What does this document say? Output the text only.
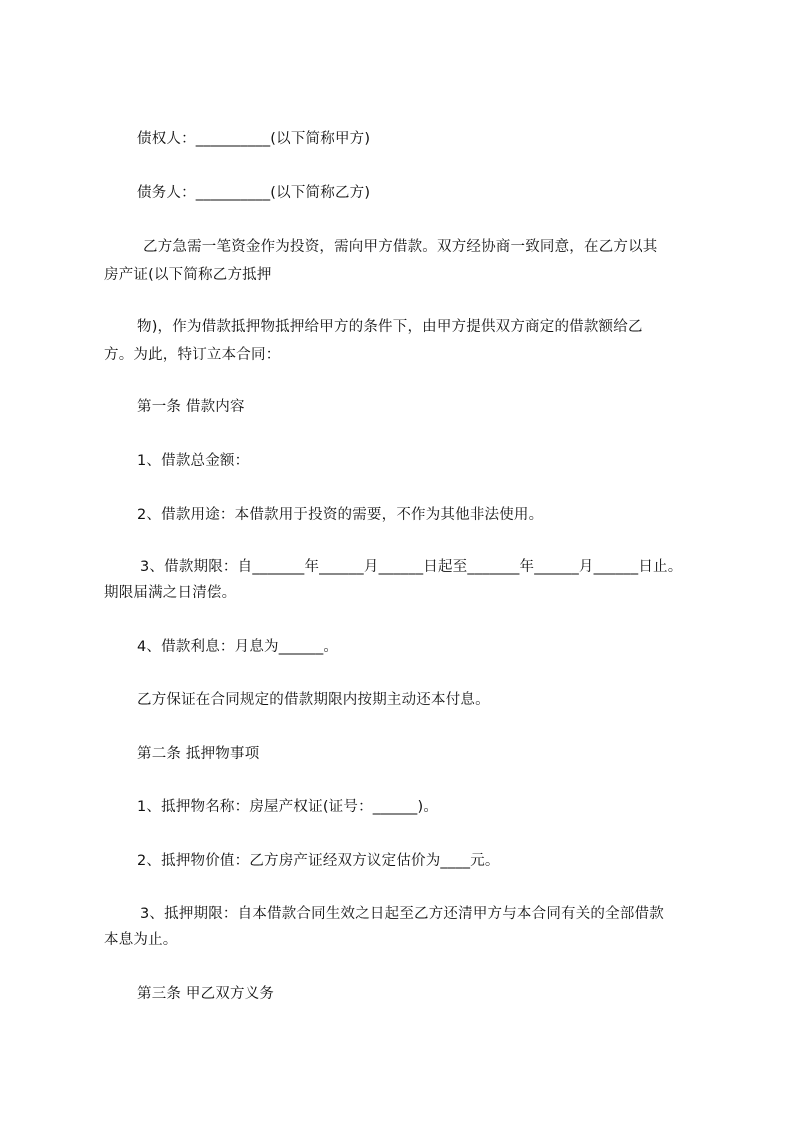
债权人：__________(以下简称甲方)
债务人：__________(以下简称乙方)
乙方急需一笔资金作为投资，需向甲方借款。双方经协商一致同意，在乙方以其
房产证(以下简称乙方抵押
物)，作为借款抵押物抵押给甲方的条件下，由甲方提供双方商定的借款额给乙
方。为此，特订立本合同：
第一条 借款内容
1、借款总金额：
2、借款用途：本借款用于投资的需要，不作为其他非法使用。
3、借款期限：自_______年______月______日起至_______年______月______日止。
期限届满之日清偿。
4、借款利息：月息为______。
乙方保证在合同规定的借款期限内按期主动还本付息。
第二条 抵押物事项
1、抵押物名称：房屋产权证(证号：______)。
2、抵押物价值：乙方房产证经双方议定估价为____元。
3、抵押期限：自本借款合同生效之日起至乙方还清甲方与本合同有关的全部借款
本息为止。
第三条 甲乙双方义务
